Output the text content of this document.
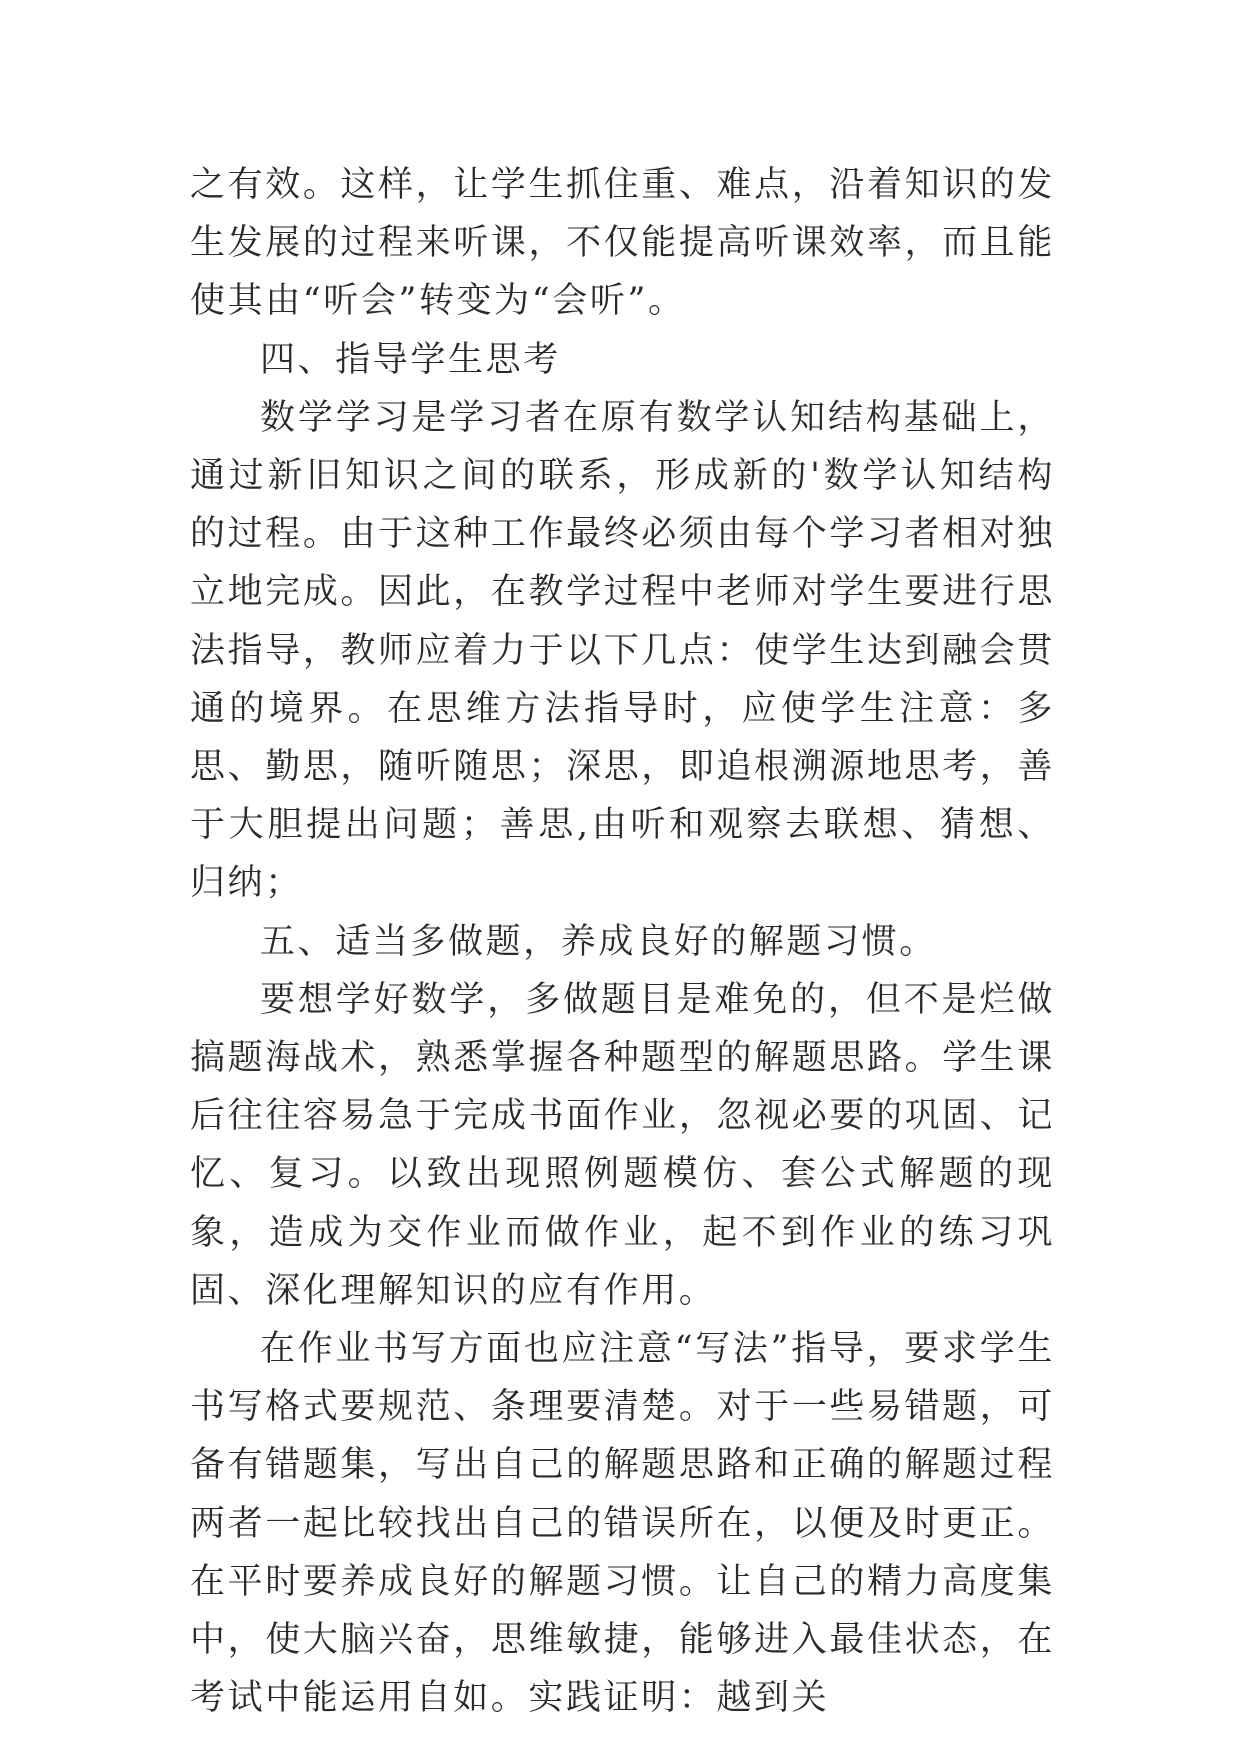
之有效。这样，让学生抓住重、难点，沿着知识的发生发展的过程来听课，不仅能提高听课效率，而且能使其由“听会”转变为“会听”。

四、指导学生思考

数学学习是学习者在原有数学认知结构基础上，通过新旧知识之间的联系，形成新的'数学认知结构的过程。由于这种工作最终必须由每个学习者相对独立地完成。因此，在教学过程中老师对学生要进行思法指导，教师应着力于以下几点：使学生达到融会贯通的境界。在思维方法指导时，应使学生注意：多思、勤思，随听随思；深思，即追根溯源地思考，善于大胆提出问题；善思,由听和观察去联想、猜想、归纳；

五、适当多做题，养成良好的解题习惯。

要想学好数学，多做题目是难免的，但不是烂做搞题海战术，熟悉掌握各种题型的解题思路。学生课后往往容易急于完成书面作业，忽视必要的巩固、记忆、复习。以致出现照例题模仿、套公式解题的现象，造成为交作业而做作业，起不到作业的练习巩固、深化理解知识的应有作用。

在作业书写方面也应注意“写法”指导，要求学生书写格式要规范、条理要清楚。对于一些易错题，可备有错题集，写出自己的解题思路和正确的解题过程两者一起比较找出自己的错误所在，以便及时更正。在平时要养成良好的解题习惯。让自己的精力高度集中，使大脑兴奋，思维敏捷，能够进入最佳状态，在考试中能运用自如。实践证明：越到关
